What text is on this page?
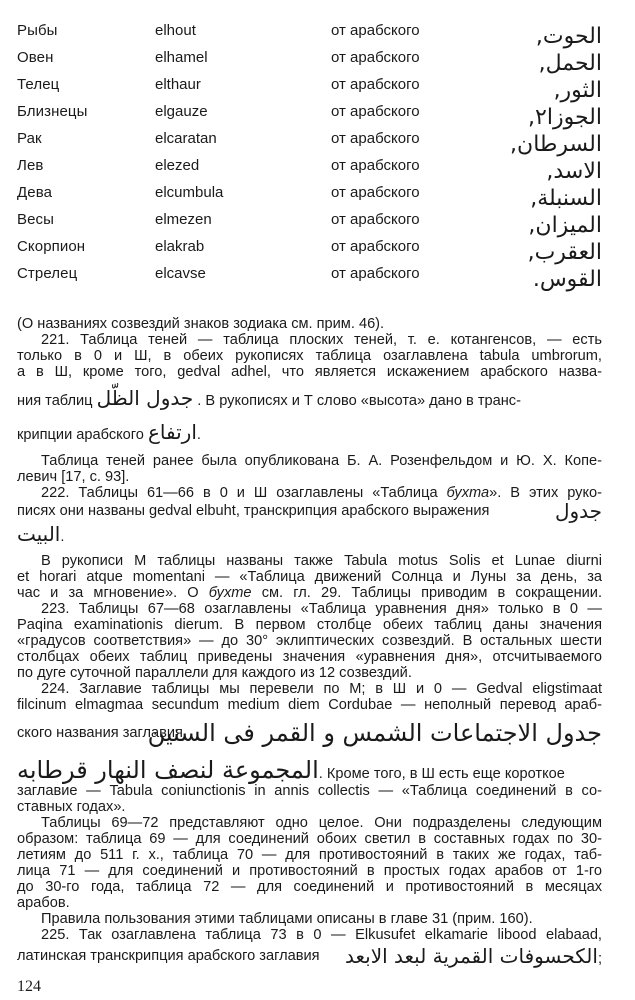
Рыбы	elhout	от арабского	الحوت,
Овен	elhamel	от арабского	الحمل,
Телец	elthaur	от арабского	الثور,
Близнецы	elgauze	от арабского	الجوزا٢,
Рак	elcaratan	от арабского	السرطان,
Лев	elezed	от арабского	الاسد,
Дева	elcumbula	от арабского	السنبلة,
Весы	elmezen	от арабского	الميزان,
Скорпион	elakrab	от арабского	العقرب,
Стрелец	elcavse	от арабского	القوس.
(О названиях созвездий знаков зодиака см. прим. 46).
221. Таблица теней — таблица плоских теней, т. е. котангенсов, — есть
только в 0 и Ш, в обеих рукописях таблица озаглавлена tabula umbrorum,
а в Ш, кроме того, gedval adhel, что является искажением арабского назва-
ния таблиц جدول الظّل . В рукописях и Т слово «высота» дано в транс-
крипции арабского ارتفاع.
Таблица теней ранее была опубликована Б. А. Розенфельдом и Ю. Х. Копе-
левич [17, с. 93].
222. Таблицы 61—66 в 0 и Ш озаглавлены «Таблица бухта». В этих руко-
писях они названы gedval elbuht, транскрипция арабского выражения	جدول
البيت.
В рукописи М таблицы названы также Tabula motus Solis et Lunae diurni
et horari atque momentani — «Таблица движений Солнца и Луны за день, за
час и за мгновение». О бухте см. гл. 29. Таблицы приводим в сокращении.
223. Таблицы 67—68 озаглавлены «Таблица уравнения дня» только в 0 —
Paqina examinationis dierum. В первом столбце обеих таблиц даны значения
«градусов соответствия» — до 30° эклиптических созвездий. В остальных шести
столбцах обеих таблиц приведены значения «уравнения дня», отсчитываемого
по дуге суточной параллели для каждого из 12 созвездий.
224. Заглавие таблицы мы перевели по М; в Ш и 0 — Gedval eligstimaat
filcinum elmagmaa secundum medium diem Cordubae — неполный перевод араб-
ского названия заглавия
جدول الاجتماعات الشمس و القمر فى السنين
المجموعة لنصف النهار قرطابه. Кроме того, в Ш есть еще короткое
заглавие — Tabula coniunctionis in annis collectis — «Таблица соединений в со-
ставных годах».
Таблицы 69—72 представляют одно целое. Они подразделены следующим
образом: таблица 69 — для соединений обоих светил в составных годах по 30-
летиям до 511 г. х., таблица 70 — для противостояний в таких же годах, таб-
лица 71 — для соединений и противостояний в простых годах арабов от 1-го
до 30-го года, таблица 72 — для соединений и противостояний в месяцах
арабов.
Правила пользования этими таблицами описаны в главе 31 (прим. 160).
225. Так озаглавлена таблица 73 в 0 — Elkusufet elkamarie libood elabaad,
латинская транскрипция арабского заглавия الكحسوفات القمرية لبعد الابعد;
124
